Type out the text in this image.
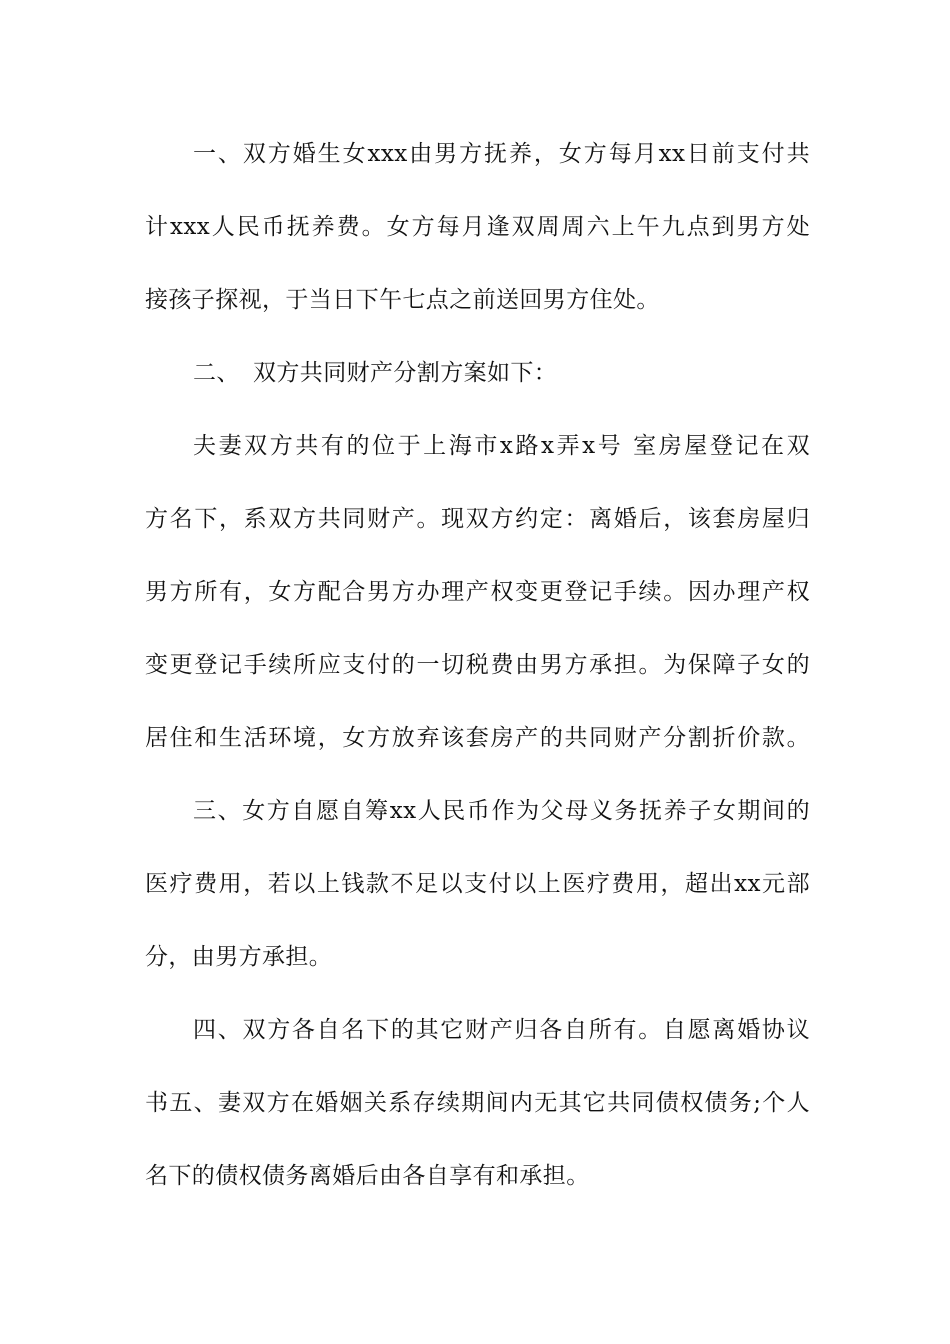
一、双方婚生女xxx由男方抚养，女方每月xx日前支付共
计xxx人民币抚养费。女方每月逢双周周六上午九点到男方处
接孩子探视，于当日下午七点之前送回男方住处。
二、 双方共同财产分割方案如下：
夫妻双方共有的位于上海市x路x弄x号 室房屋登记在双
方名下，系双方共同财产。现双方约定：离婚后，该套房屋归
男方所有，女方配合男方办理产权变更登记手续。因办理产权
变更登记手续所应支付的一切税费由男方承担。为保障子女的
居住和生活环境，女方放弃该套房产的共同财产分割折价款。
三、女方自愿自筹xx人民币作为父母义务抚养子女期间的
医疗费用，若以上钱款不足以支付以上医疗费用，超出xx元部
分，由男方承担。
四、双方各自名下的其它财产归各自所有。自愿离婚协议
书五、妻双方在婚姻关系存续期间内无其它共同债权债务;个人
名下的债权债务离婚后由各自享有和承担。
